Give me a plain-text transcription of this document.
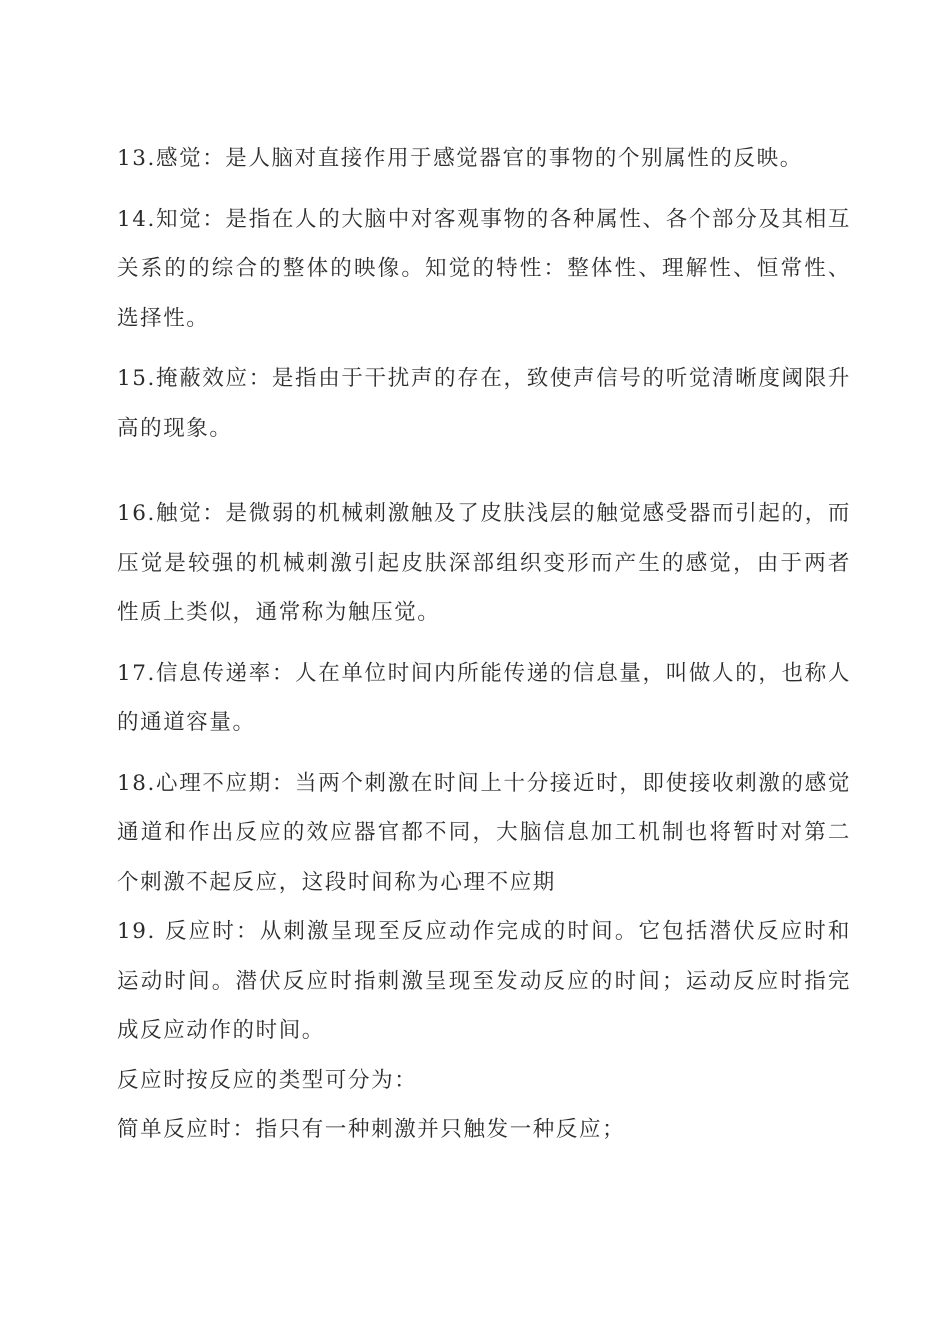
13.感觉：是人脑对直接作用于感觉器官的事物的个别属性的反映。

14.知觉：是指在人的大脑中对客观事物的各种属性、各个部分及其相互关系的的综合的整体的映像。知觉的特性：整体性、理解性、恒常性、选择性。

15.掩蔽效应：是指由于干扰声的存在，致使声信号的听觉清晰度阈限升高的现象。

16.触觉：是微弱的机械刺激触及了皮肤浅层的触觉感受器而引起的，而压觉是较强的机械刺激引起皮肤深部组织变形而产生的感觉，由于两者性质上类似，通常称为触压觉。

17.信息传递率：人在单位时间内所能传递的信息量，叫做人的，也称人的通道容量。

18.心理不应期：当两个刺激在时间上十分接近时，即使接收刺激的感觉通道和作出反应的效应器官都不同，大脑信息加工机制也将暂时对第二个刺激不起反应，这段时间称为心理不应期

19. 反应时：从刺激呈现至反应动作完成的时间。它包括潜伏反应时和运动时间。潜伏反应时指刺激呈现至发动反应的时间；运动反应时指完成反应动作的时间。

反应时按反应的类型可分为：

简单反应时：指只有一种刺激并只触发一种反应；
